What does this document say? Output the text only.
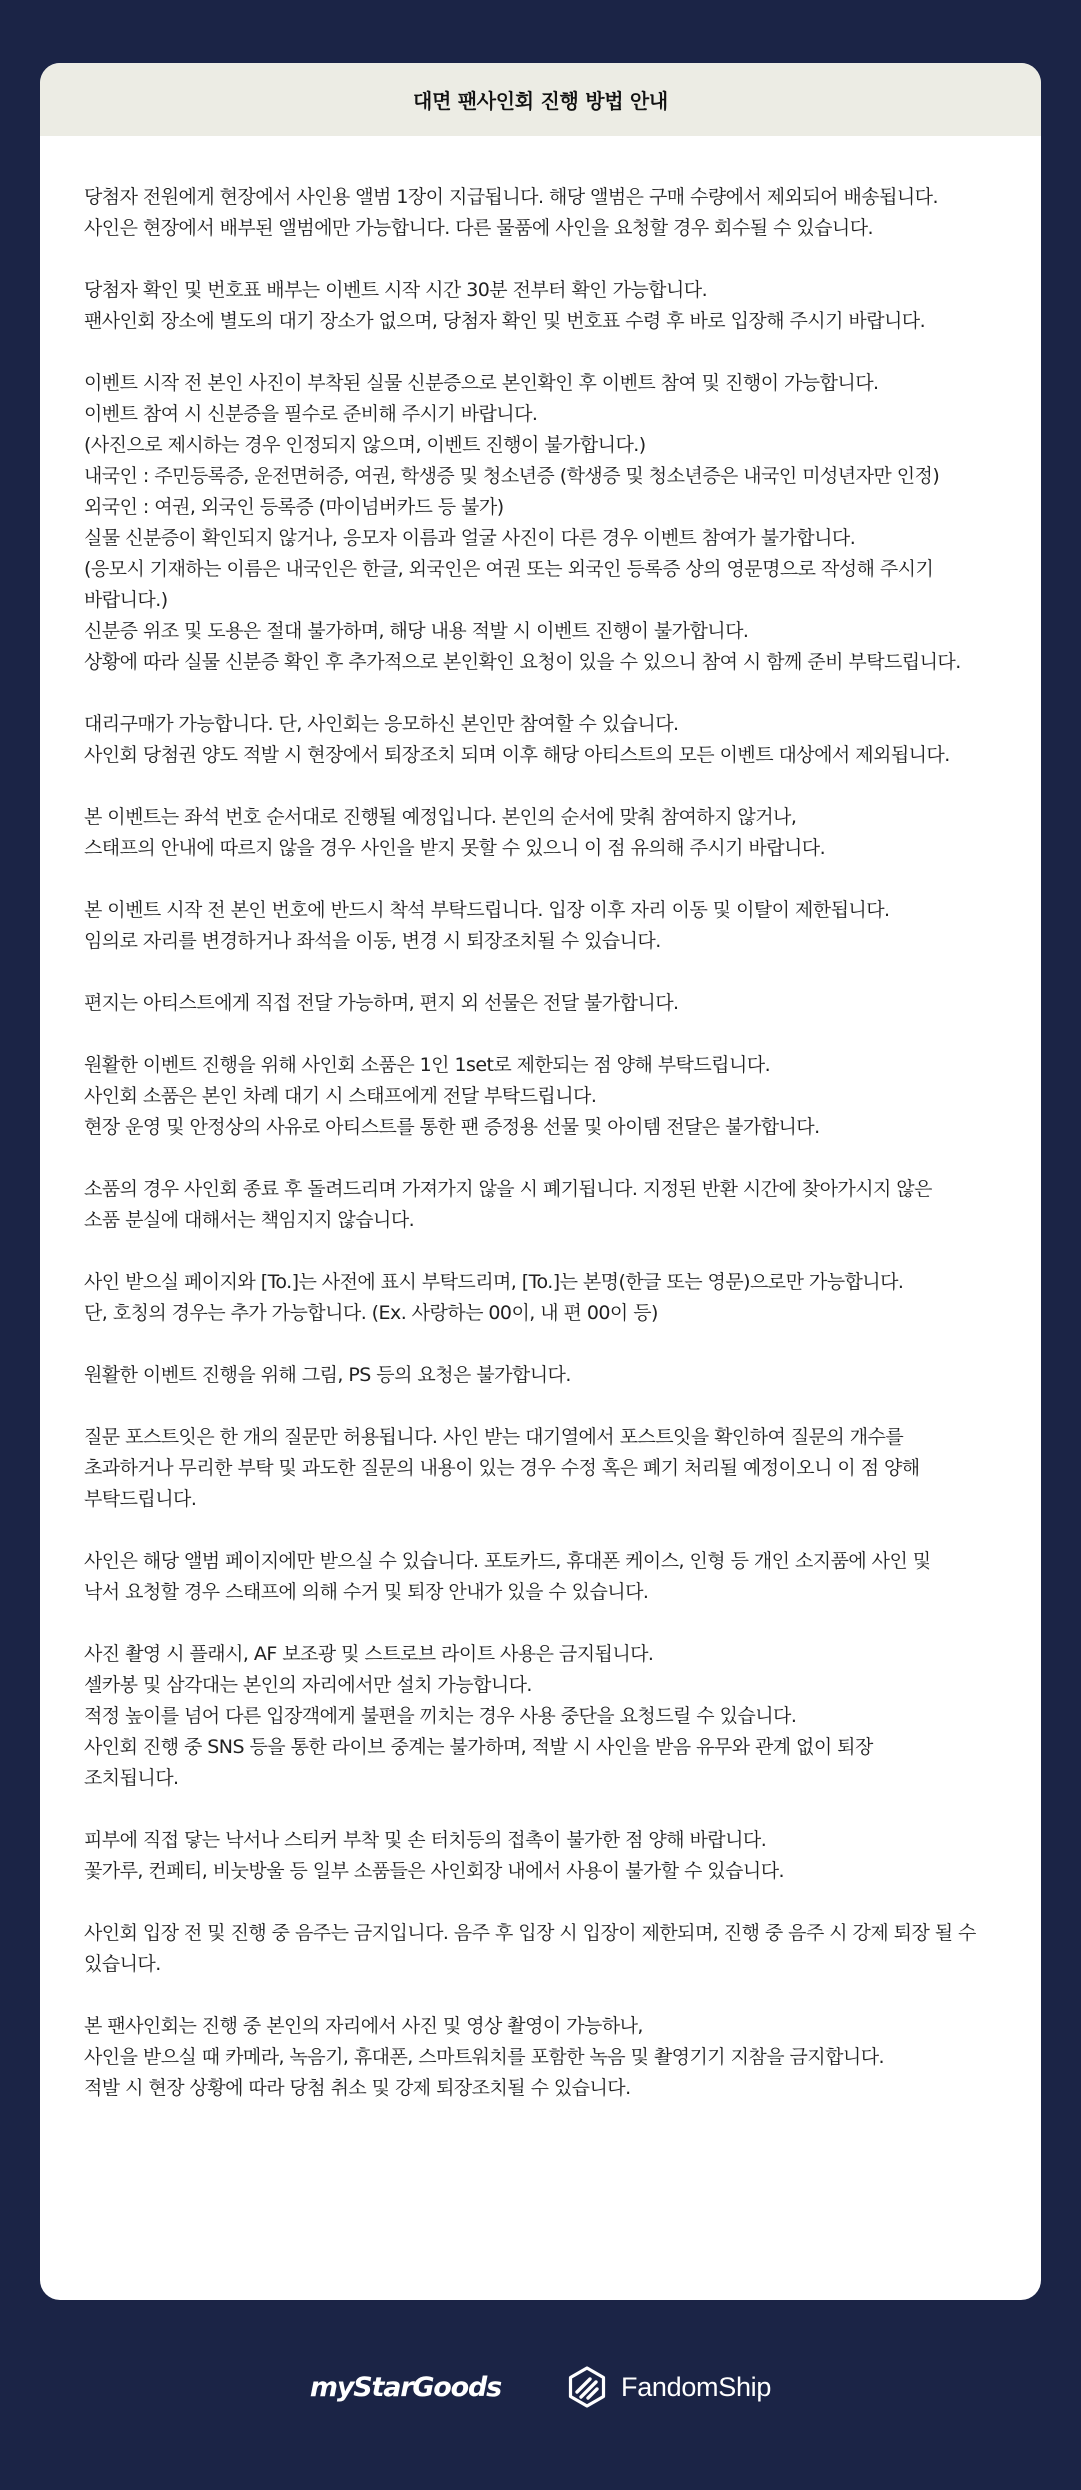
대면 팬사인회 진행 방법 안내
당첨자 전원에게 현장에서 사인용 앨범 1장이 지급됩니다. 해당 앨범은 구매 수량에서 제외되어 배송됩니다.
사인은 현장에서 배부된 앨범에만 가능합니다. 다른 물품에 사인을 요청할 경우 회수될 수 있습니다.
당첨자 확인 및 번호표 배부는 이벤트 시작 시간 30분 전부터 확인 가능합니다.
팬사인회 장소에 별도의 대기 장소가 없으며, 당첨자 확인 및 번호표 수령 후 바로 입장해 주시기 바랍니다.
이벤트 시작 전 본인 사진이 부착된 실물 신분증으로 본인확인 후 이벤트 참여 및 진행이 가능합니다.
이벤트 참여 시 신분증을 필수로 준비해 주시기 바랍니다.
(사진으로 제시하는 경우 인정되지 않으며, 이벤트 진행이 불가합니다.)
내국인 : 주민등록증, 운전면허증, 여권, 학생증 및 청소년증 (학생증 및 청소년증은 내국인 미성년자만 인정)
외국인 : 여권, 외국인 등록증 (마이넘버카드 등 불가)
실물 신분증이 확인되지 않거나, 응모자 이름과 얼굴 사진이 다른 경우 이벤트 참여가 불가합니다.
(응모시 기재하는 이름은 내국인은 한글, 외국인은 여권 또는 외국인 등록증 상의 영문명으로 작성해 주시기
바랍니다.)
신분증 위조 및 도용은 절대 불가하며, 해당 내용 적발 시 이벤트 진행이 불가합니다.
상황에 따라 실물 신분증 확인 후 추가적으로 본인확인 요청이 있을 수 있으니 참여 시 함께 준비 부탁드립니다.
대리구매가 가능합니다. 단, 사인회는 응모하신 본인만 참여할 수 있습니다.
사인회 당첨권 양도 적발 시 현장에서 퇴장조치 되며 이후 해당 아티스트의 모든 이벤트 대상에서 제외됩니다.
본 이벤트는 좌석 번호 순서대로 진행될 예정입니다. 본인의 순서에 맞춰 참여하지 않거나,
스태프의 안내에 따르지 않을 경우 사인을 받지 못할 수 있으니 이 점 유의해 주시기 바랍니다.
본 이벤트 시작 전 본인 번호에 반드시 착석 부탁드립니다. 입장 이후 자리 이동 및 이탈이 제한됩니다.
임의로 자리를 변경하거나 좌석을 이동, 변경 시 퇴장조치될 수 있습니다.
편지는 아티스트에게 직접 전달 가능하며, 편지 외 선물은 전달 불가합니다.
원활한 이벤트 진행을 위해 사인회 소품은 1인 1set로 제한되는 점 양해 부탁드립니다.
사인회 소품은 본인 차례 대기 시 스태프에게 전달 부탁드립니다.
현장 운영 및 안정상의 사유로 아티스트를 통한 팬 증정용 선물 및 아이템 전달은 불가합니다.
소품의 경우 사인회 종료 후 돌려드리며 가져가지 않을 시 폐기됩니다. 지정된 반환 시간에 찾아가시지 않은
소품 분실에 대해서는 책임지지 않습니다.
사인 받으실 페이지와 [To.]는 사전에 표시 부탁드리며, [To.]는 본명(한글 또는 영문)으로만 가능합니다.
단, 호칭의 경우는 추가 가능합니다. (Ex. 사랑하는 00이, 내 편 00이 등)
원활한 이벤트 진행을 위해 그림, PS 등의 요청은 불가합니다.
질문 포스트잇은 한 개의 질문만 허용됩니다. 사인 받는 대기열에서 포스트잇을 확인하여 질문의 개수를
초과하거나 무리한 부탁 및 과도한 질문의 내용이 있는 경우 수정 혹은 폐기 처리될 예정이오니 이 점 양해
부탁드립니다.
사인은 해당 앨범 페이지에만 받으실 수 있습니다. 포토카드, 휴대폰 케이스, 인형 등 개인 소지품에 사인 및
낙서 요청할 경우 스태프에 의해 수거 및 퇴장 안내가 있을 수 있습니다.
사진 촬영 시 플래시, AF 보조광 및 스트로브 라이트 사용은 금지됩니다.
셀카봉 및 삼각대는 본인의 자리에서만 설치 가능합니다.
적정 높이를 넘어 다른 입장객에게 불편을 끼치는 경우 사용 중단을 요청드릴 수 있습니다.
사인회 진행 중 SNS 등을 통한 라이브 중계는 불가하며, 적발 시 사인을 받음 유무와 관계 없이 퇴장
조치됩니다.
피부에 직접 닿는 낙서나 스티커 부착 및 손 터치등의 접촉이 불가한 점 양해 바랍니다.
꽃가루, 컨페티, 비눗방울 등 일부 소품들은 사인회장 내에서 사용이 불가할 수 있습니다.
사인회 입장 전 및 진행 중 음주는 금지입니다. 음주 후 입장 시 입장이 제한되며, 진행 중 음주 시 강제 퇴장 될 수
있습니다.
본 팬사인회는 진행 중 본인의 자리에서 사진 및 영상 촬영이 가능하나,
사인을 받으실 때 카메라, 녹음기, 휴대폰, 스마트워치를 포함한 녹음 및 촬영기기 지참을 금지합니다.
적발 시 현장 상황에 따라 당첨 취소 및 강제 퇴장조치될 수 있습니다.
myStarGoods	FandomShip
